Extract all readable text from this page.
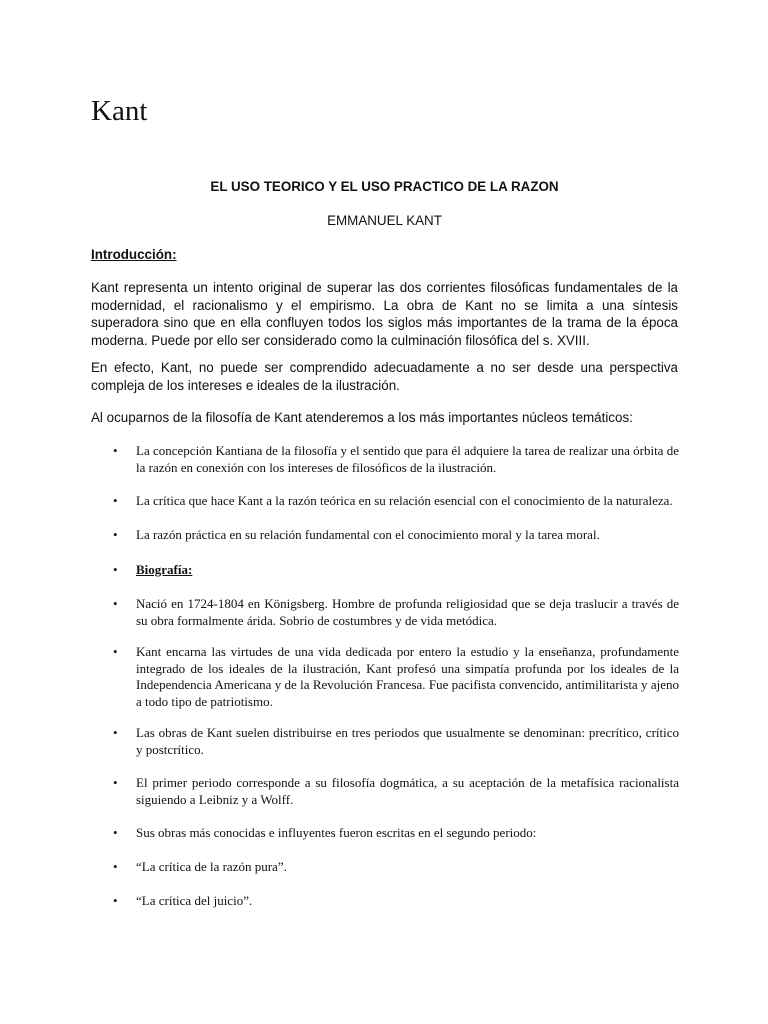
Kant

EL USO TEORICO Y EL USO PRACTICO DE LA RAZON

EMMANUEL KANT

Introducción:

Kant representa un intento original de superar las dos corrientes filosóficas fundamentales de la modernidad, el racionalismo y el empirismo. La obra de Kant no se limita a una síntesis superadora sino que en ella confluyen todos los siglos más importantes de la trama de la época moderna. Puede por ello ser considerado como la culminación filosófica del s. XVIII.

En efecto, Kant, no puede ser comprendido adecuadamente a no ser desde una perspectiva compleja de los intereses e ideales de la ilustración.

Al ocuparnos de la filosofía de Kant atenderemos a los más importantes núcleos temáticos:

•	La concepción Kantiana de la filosofía y el sentido que para él adquiere la tarea de realizar una órbita de la razón en conexión con los intereses de filosóficos de la ilustración.

•	La crítica que hace Kant a la razón teórica en su relación esencial con el conocimiento de la naturaleza.

•	La razón práctica en su relación fundamental con el conocimiento moral y la tarea moral.

•	Biografía:

•	Nació en 1724-1804 en Königsberg. Hombre de profunda religiosidad que se deja traslucir a través de su obra formalmente árida. Sobrio de costumbres y de vida metódica.

•	Kant encarna las virtudes de una vida dedicada por entero la estudio y la enseñanza, profundamente integrado de los ideales de la ilustración, Kant profesó una simpatía profunda por los ideales de la Independencia Americana y de la Revolución Francesa. Fue pacifista convencido, antimilitarista y ajeno a todo tipo de patriotismo.

•	Las obras de Kant suelen distribuirse en tres periodos que usualmente se denominan: precrítico, crítico y postcrítico.

•	El primer periodo corresponde a su filosofía dogmática, a su aceptación de la metafísica racionalista siguiendo a Leibniz y a Wolff.

•	Sus obras más conocidas e influyentes fueron escritas en el segundo periodo:

•	“La crítica de la razón pura”.

•	“La crítica del juicio”.
